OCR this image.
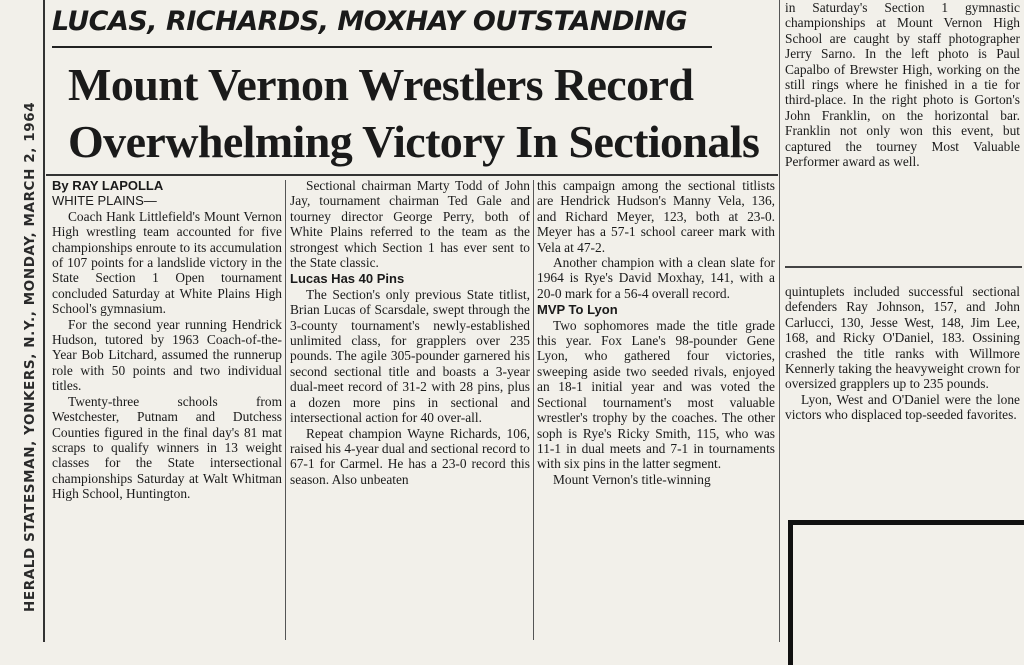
HERALD STATESMAN, YONKERS, N.Y., MONDAY, MARCH 2, 1964
LUCAS, RICHARDS, MOXHAY OUTSTANDING
Mount Vernon Wrestlers Record
Overwhelming Victory In Sectionals
By RAY LAPOLLA
WHITE PLAINS—

Coach Hank Littlefield's Mount Vernon High wrestling team accounted for five championships enroute to its accumulation of 107 points for a landslide victory in the State Section 1 Open tournament concluded Saturday at White Plains High School's gymnasium.

For the second year running Hendrick Hudson, tutored by 1963 Coach-of-the-Year Bob Litchard, assumed the runnerup role with 50 points and two individual titles.

Twenty-three schools from Westchester, Putnam and Dutchess Counties figured in the final day's 81 mat scraps to qualify winners in 13 weight classes for the State intersectional championships Saturday at Walt Whitman High School, Huntington.

Sectional chairman Marty Todd of John Jay, tournament chairman Ted Gale and tourney director George Perry, both of White Plains referred to the team as the strongest which Section 1 has ever sent to the State classic.

Lucas Has 40 Pins

The Section's only previous State titlist, Brian Lucas of Scarsdale, swept through the 3-county tournament's newly-established unlimited class, for grapplers over 235 pounds. The agile 305-pounder garnered his second sectional title and boasts a 3-year dual-meet record of 31-2 with 28 pins, plus a dozen more pins in sectional and intersectional action for 40 over-all.

Repeat champion Wayne Richards, 106, raised his 4-year dual and sectional record to 67-1 for Carmel. He has a 23-0 record this season. Also unbeaten

this campaign among the sectional titlists are Hendrick Hudson's Manny Vela, 136, and Richard Meyer, 123, both at 23-0. Meyer has a 57-1 school career mark with Vela at 47-2.

Another champion with a clean slate for 1964 is Rye's David Moxhay, 141, with a 20-0 mark for a 56-4 overall record.

MVP To Lyon

Two sophomores made the title grade this year. Fox Lane's 98-pounder Gene Lyon, who gathered four victories, sweeping aside two seeded rivals, enjoyed an 18-1 initial year and was voted the Sectional tournament's most valuable wrestler's trophy by the coaches. The other soph is Rye's Ricky Smith, 115, who was 11-1 in dual meets and 7-1 in tournaments with six pins in the latter segment.

Mount Vernon's title-winning

in Saturday's Section 1 gymnastic championships at Mount Vernon High School are caught by staff photographer Jerry Sarno. In the left photo is Paul Capalbo of Brewster High, working on the still rings where he finished in a tie for third-place. In the right photo is Gorton's John Franklin, on the horizontal bar. Franklin not only won this event, but captured the tourney Most Valuable Performer award as well.

quintuplets included successful sectional defenders Ray Johnson, 157, and John Carlucci, 130, Jesse West, 148, Jim Lee, 168, and Ricky O'Daniel, 183. Ossining crashed the title ranks with Willmore Kennerly taking the heavyweight crown for oversized grapplers up to 235 pounds.

Lyon, West and O'Daniel were the lone victors who displaced top-seeded favorites.
